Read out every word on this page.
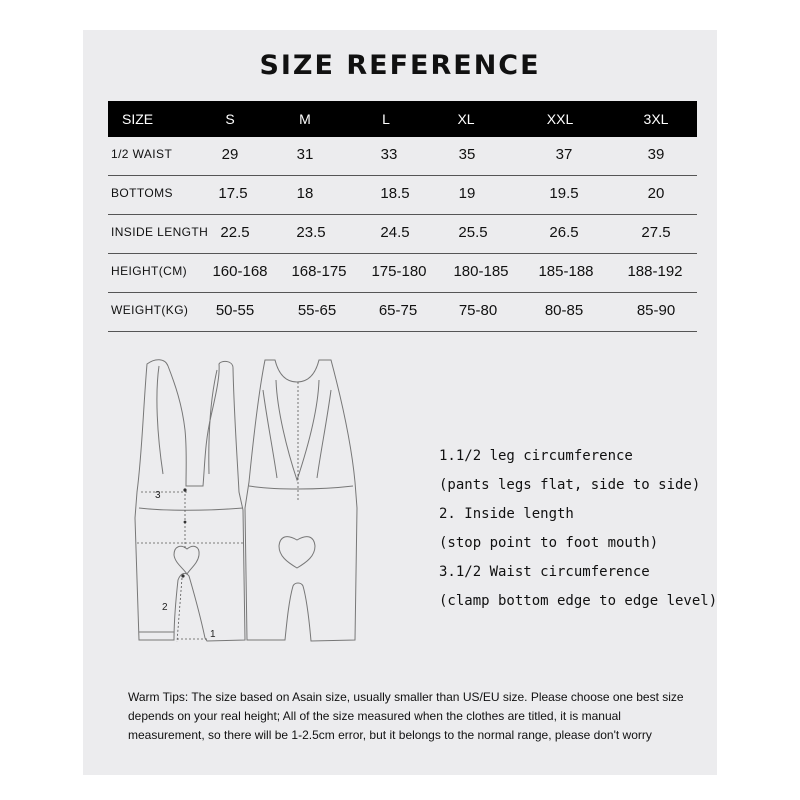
SIZE REFERENCE
SIZE	S	M	L	XL	XXL	3XL
1/2 WAIST	29	31	33	35	37	39
BOTTOMS	17.5	18	18.5	19	19.5	20
INSIDE LENGTH 22.5	23.5	24.5	25.5	26.5	27.5
HEIGHT(CM) 160-168 168-175 175-180 180-185 185-188 188-192
WEIGHT(KG) 50-55	55-65	65-75	75-80	80-85	85-90
3
2
1
1.1/2 leg circumference
(pants legs flat, side to side)
2. Inside length
(stop point to foot mouth)
3.1/2 Waist circumference
(clamp bottom edge to edge level)
Warm Tips: The size based on Asain size, usually smaller than US/EU size. Please choose one best size depends on your real height; All of the size measured when the clothes are titled, it is manual measurement, so there will be 1-2.5cm error, but it belongs to the normal range, please don't worry
